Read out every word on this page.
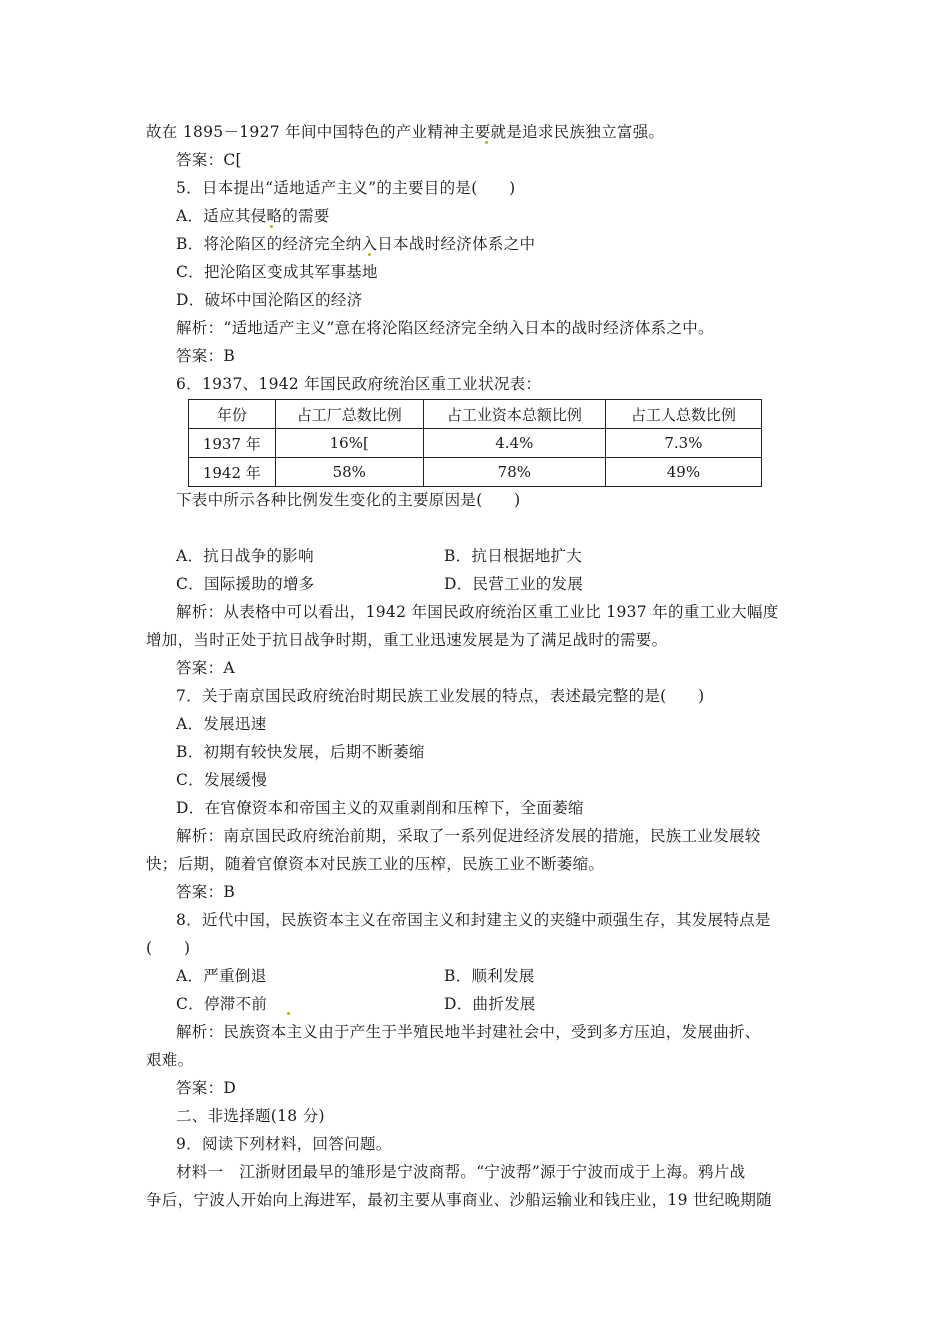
故在 1895－1927 年间中国特色的产业精神主要就是追求民族独立富强。
答案：C[
5．日本提出“适地适产主义”的主要目的是(　　)
A．适应其侵略的需要
B．将沦陷区的经济完全纳入日本战时经济体系之中
C．把沦陷区变成其军事基地
D．破坏中国沦陷区的经济
解析：“适地适产主义”意在将沦陷区经济完全纳入日本的战时经济体系之中。
答案：B
6．1937、1942 年国民政府统治区重工业状况表：
年份	占工厂总数比例	占工业资本总额比例	占工人总数比例
1937 年	16%[	4.4%	7.3%
1942 年	58%	78%	49%
下表中所示各种比例发生变化的主要原因是(　　)
A．抗日战争的影响	B．抗日根据地扩大
C．国际援助的增多	D．民营工业的发展
解析：从表格中可以看出，1942 年国民政府统治区重工业比 1937 年的重工业大幅度
增加，当时正处于抗日战争时期，重工业迅速发展是为了满足战时的需要。
答案：A
7．关于南京国民政府统治时期民族工业发展的特点，表述最完整的是(　　)
A．发展迅速
B．初期有较快发展，后期不断萎缩
C．发展缓慢
D．在官僚资本和帝国主义的双重剥削和压榨下，全面萎缩
解析：南京国民政府统治前期，采取了一系列促进经济发展的措施，民族工业发展较
快；后期，随着官僚资本对民族工业的压榨，民族工业不断萎缩。
答案：B
8．近代中国，民族资本主义在帝国主义和封建主义的夹缝中顽强生存，其发展特点是
(　　)
A．严重倒退	B．顺利发展
C．停滞不前	D．曲折发展
解析：民族资本主义由于产生于半殖民地半封建社会中，受到多方压迫，发展曲折、
艰难。
答案：D
二、非选择题(18 分)
9．阅读下列材料，回答问题。
材料一　江浙财团最早的雏形是宁波商帮。“宁波帮”源于宁波而成于上海。鸦片战
争后，宁波人开始向上海进军，最初主要从事商业、沙船运输业和钱庄业，19 世纪晚期随
